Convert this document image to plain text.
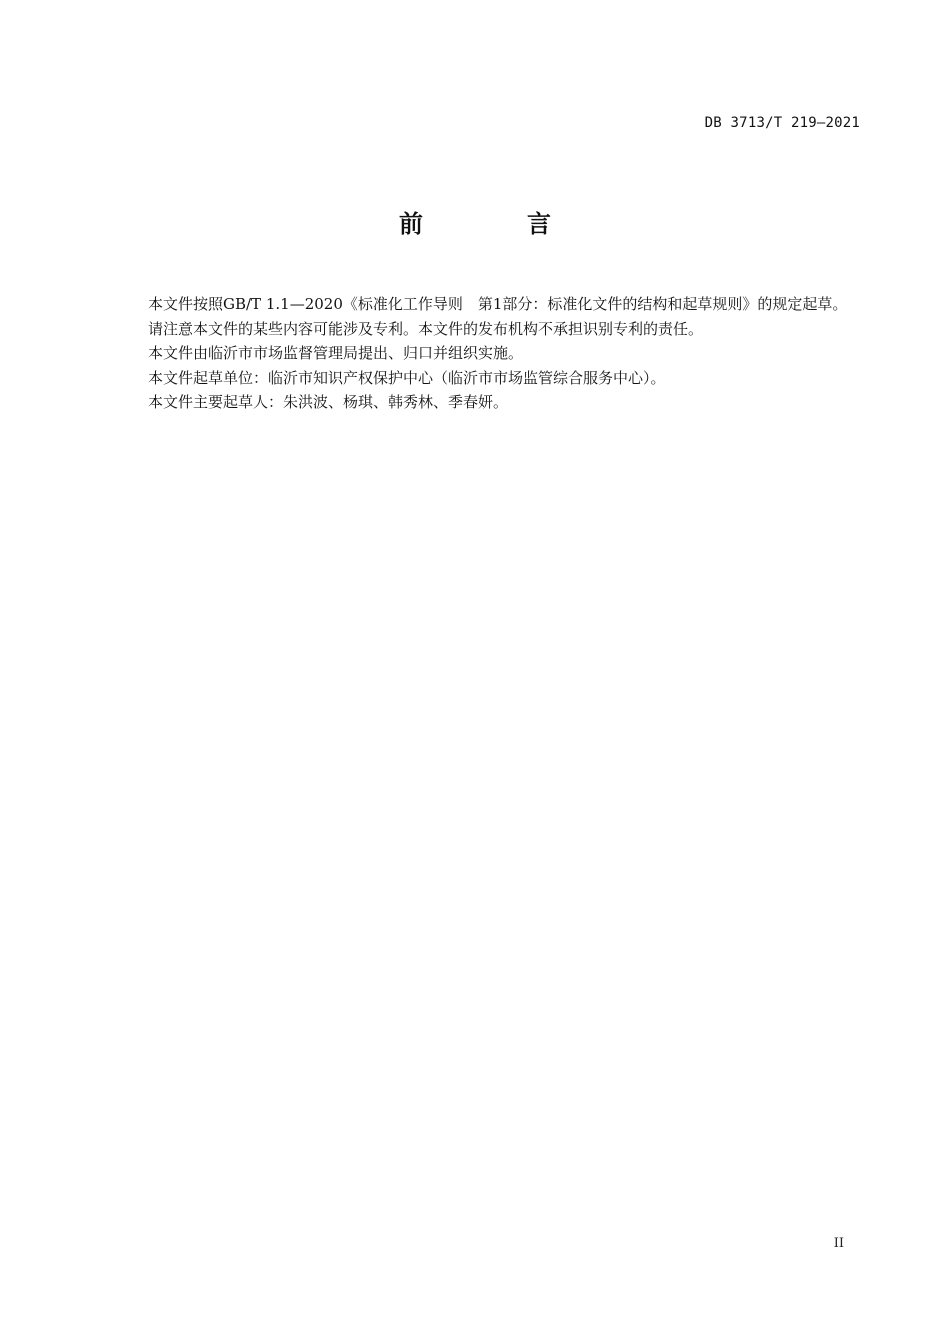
DB 3713/T 219—2021
前　言

本文件按照GB/T 1.1—2020《标准化工作导则　第1部分：标准化文件的结构和起草规则》的规定起草。

请注意本文件的某些内容可能涉及专利。本文件的发布机构不承担识别专利的责任。

本文件由临沂市市场监督管理局提出、归口并组织实施。

本文件起草单位：临沂市知识产权保护中心（临沂市市场监管综合服务中心）。

本文件主要起草人：朱洪波、杨琪、韩秀林、季春妍。

II
